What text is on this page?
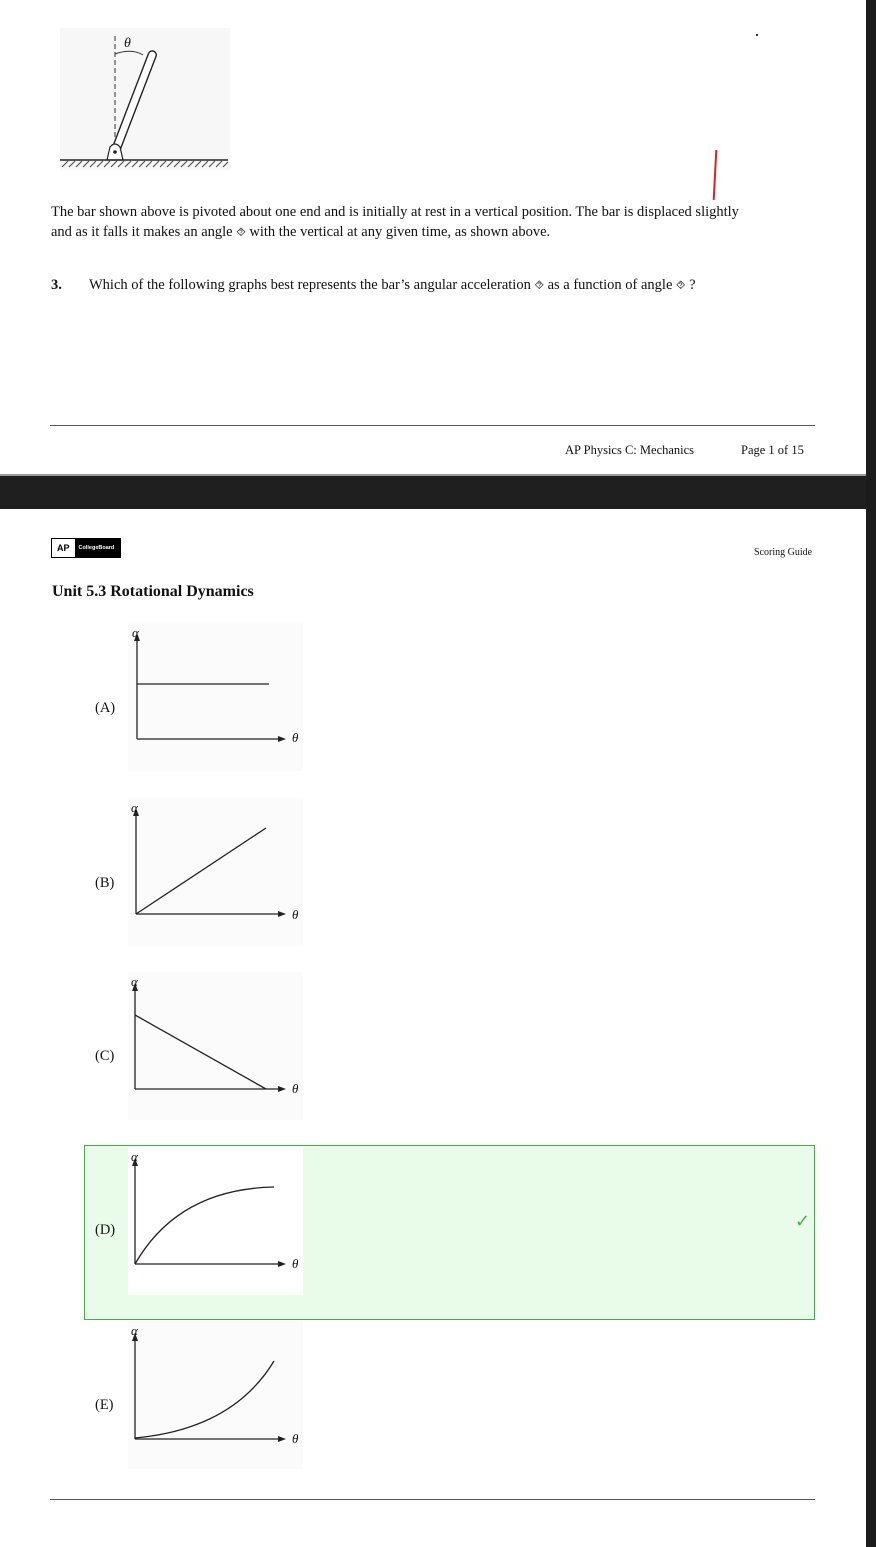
θ
The bar shown above is pivoted about one end and is initially at rest in a vertical position. The bar is displaced slightly
and as it falls it makes an angle ⯑ with the vertical at any given time, as shown above.
3. Which of the following graphs best represents the bar’s angular acceleration ⯑ as a function of angle ⯑ ?
AP Physics C: Mechanics	Page 1 of 15
AP	CollegeBoard	Scoring Guide
Unit 5.3 Rotational Dynamics
✓
(A)
α
θ
(B)
α
θ
(C)
α
θ
(D)
α
θ
(E)
α
θ
